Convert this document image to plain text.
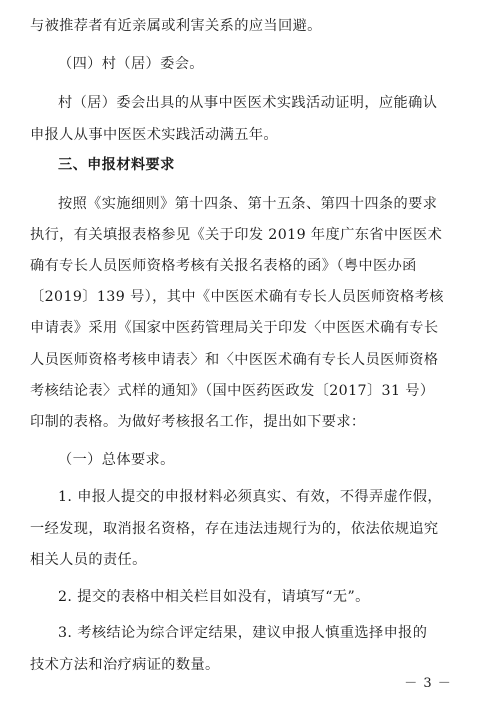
与被推荐者有近亲属或利害关系的应当回避。
（四）村（居）委会。
村（居）委会出具的从事中医医术实践活动证明，应能确认
申报人从事中医医术实践活动满五年。
三、申报材料要求
按照《实施细则》第十四条、第十五条、第四十四条的要求
执行，有关填报表格参见《关于印发 2019 年度广东省中医医术
确有专长人员医师资格考核有关报名表格的函》（粤中医办函
〔2019〕139 号），其中《中医医术确有专长人员医师资格考核
申请表》采用《国家中医药管理局关于印发〈中医医术确有专长
人员医师资格考核申请表〉和〈中医医术确有专长人员医师资格
考核结论表〉式样的通知》（国中医药医政发〔2017〕31 号）
印制的表格。为做好考核报名工作，提出如下要求：
（一）总体要求。
1. 申报人提交的申报材料必须真实、有效，不得弄虚作假，
一经发现，取消报名资格，存在违法违规行为的，依法依规追究
相关人员的责任。
2. 提交的表格中相关栏目如没有，请填写“无”。
3. 考核结论为综合评定结果，建议申报人慎重选择申报的
技术方法和治疗病证的数量。
－ 3 －
